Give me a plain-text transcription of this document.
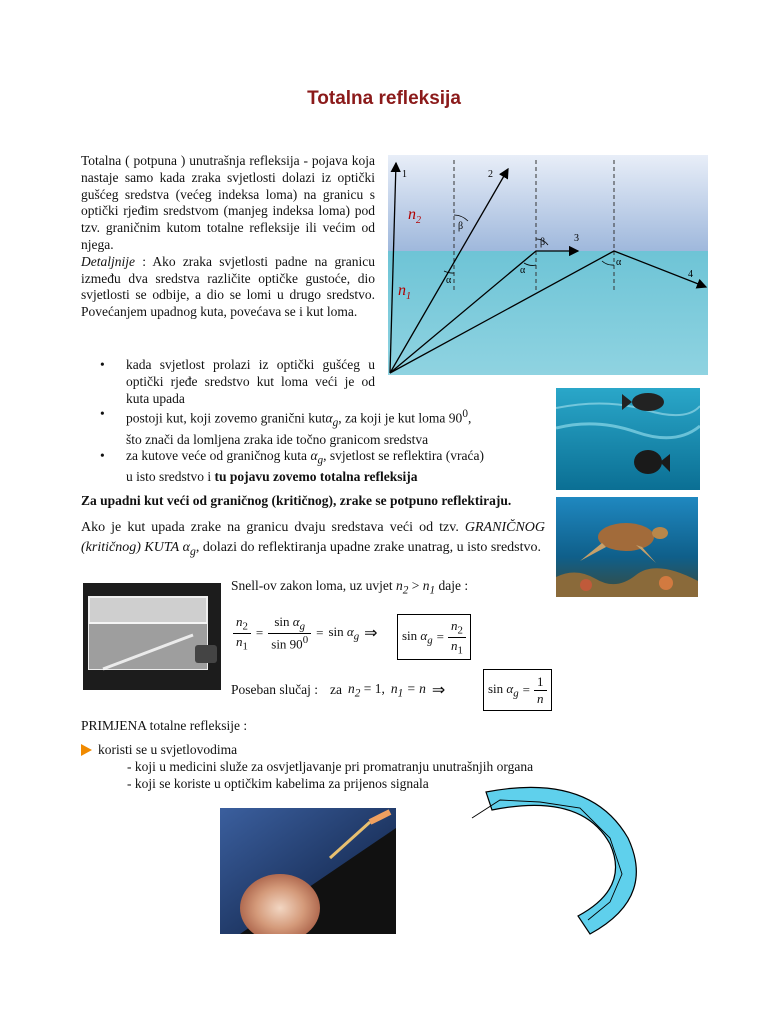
Totalna refleksija
Totalna ( potpuna ) unutrašnja refleksija - pojava koja nastaje samo kada zraka svjetlosti dolazi iz optički gušćeg sredstva (većeg indeksa loma) na granicu s optički rjeđim sredstvom (manjeg indeksa loma) pod tzv. graničnim kutom totalne refleksije ili većim od njega.
Detaljnije : Ako zraka svjetlosti padne na granicu između dva sredstva različite optičke gustoće, dio svjetlosti se odbije, a dio se lomi u drugo sredstvo. Povećanjem upadnog kuta, povećava se i kut loma.
1	2
3
4
β
β
α
α
α
$n_2$
$n_1$
• kada svjetlost prolazi iz optički gušćeg u optički rjeđe sredstvo kut loma veći je od kuta upada
• postoji kut, koji zovemo granični kutα$_g$, za koji je kut loma $90^0$,
što znači da lomljena zraka ide točno granicom sredstva
• za kutove veće od graničnog kuta $\alpha_g$, svjetlost se reflektira (vraća)
u isto sredstvo i tu pojavu zovemo totalna refleksija
Za upadni kut veći od graničnog (kritičnog), zrake se potpuno reflektiraju.
Ako je kut upada zrake na granicu dvaju sredstava veći od tzv. GRANIČNOG (kritičnog) KUTA $\alpha_g$, dolazi do reflektiranja upadne zrake unatrag, u isto sredstvo.
Snell-ov zakon loma, uz uvjet $n_2 > n_1$ daje :
$\frac{n_2}{n_1} = \frac{\sin \alpha_g}{\sin 90^0} = \sin \alpha_g$ ⇒ $\sin \alpha_g = \frac{n_2}{n_1}$
Poseban slučaj : za $n_2 = 1$, $n_1 = n$ ⇒	$\sin \alpha_g = \frac{1}{n}$
PRIMJENA totalne refleksije :
koristi se u svjetlovodima
- koji u medicini služe za osvjetljavanje pri promatranju unutrašnjih organa
- koji se koriste u optičkim kabelima za prijenos signala
